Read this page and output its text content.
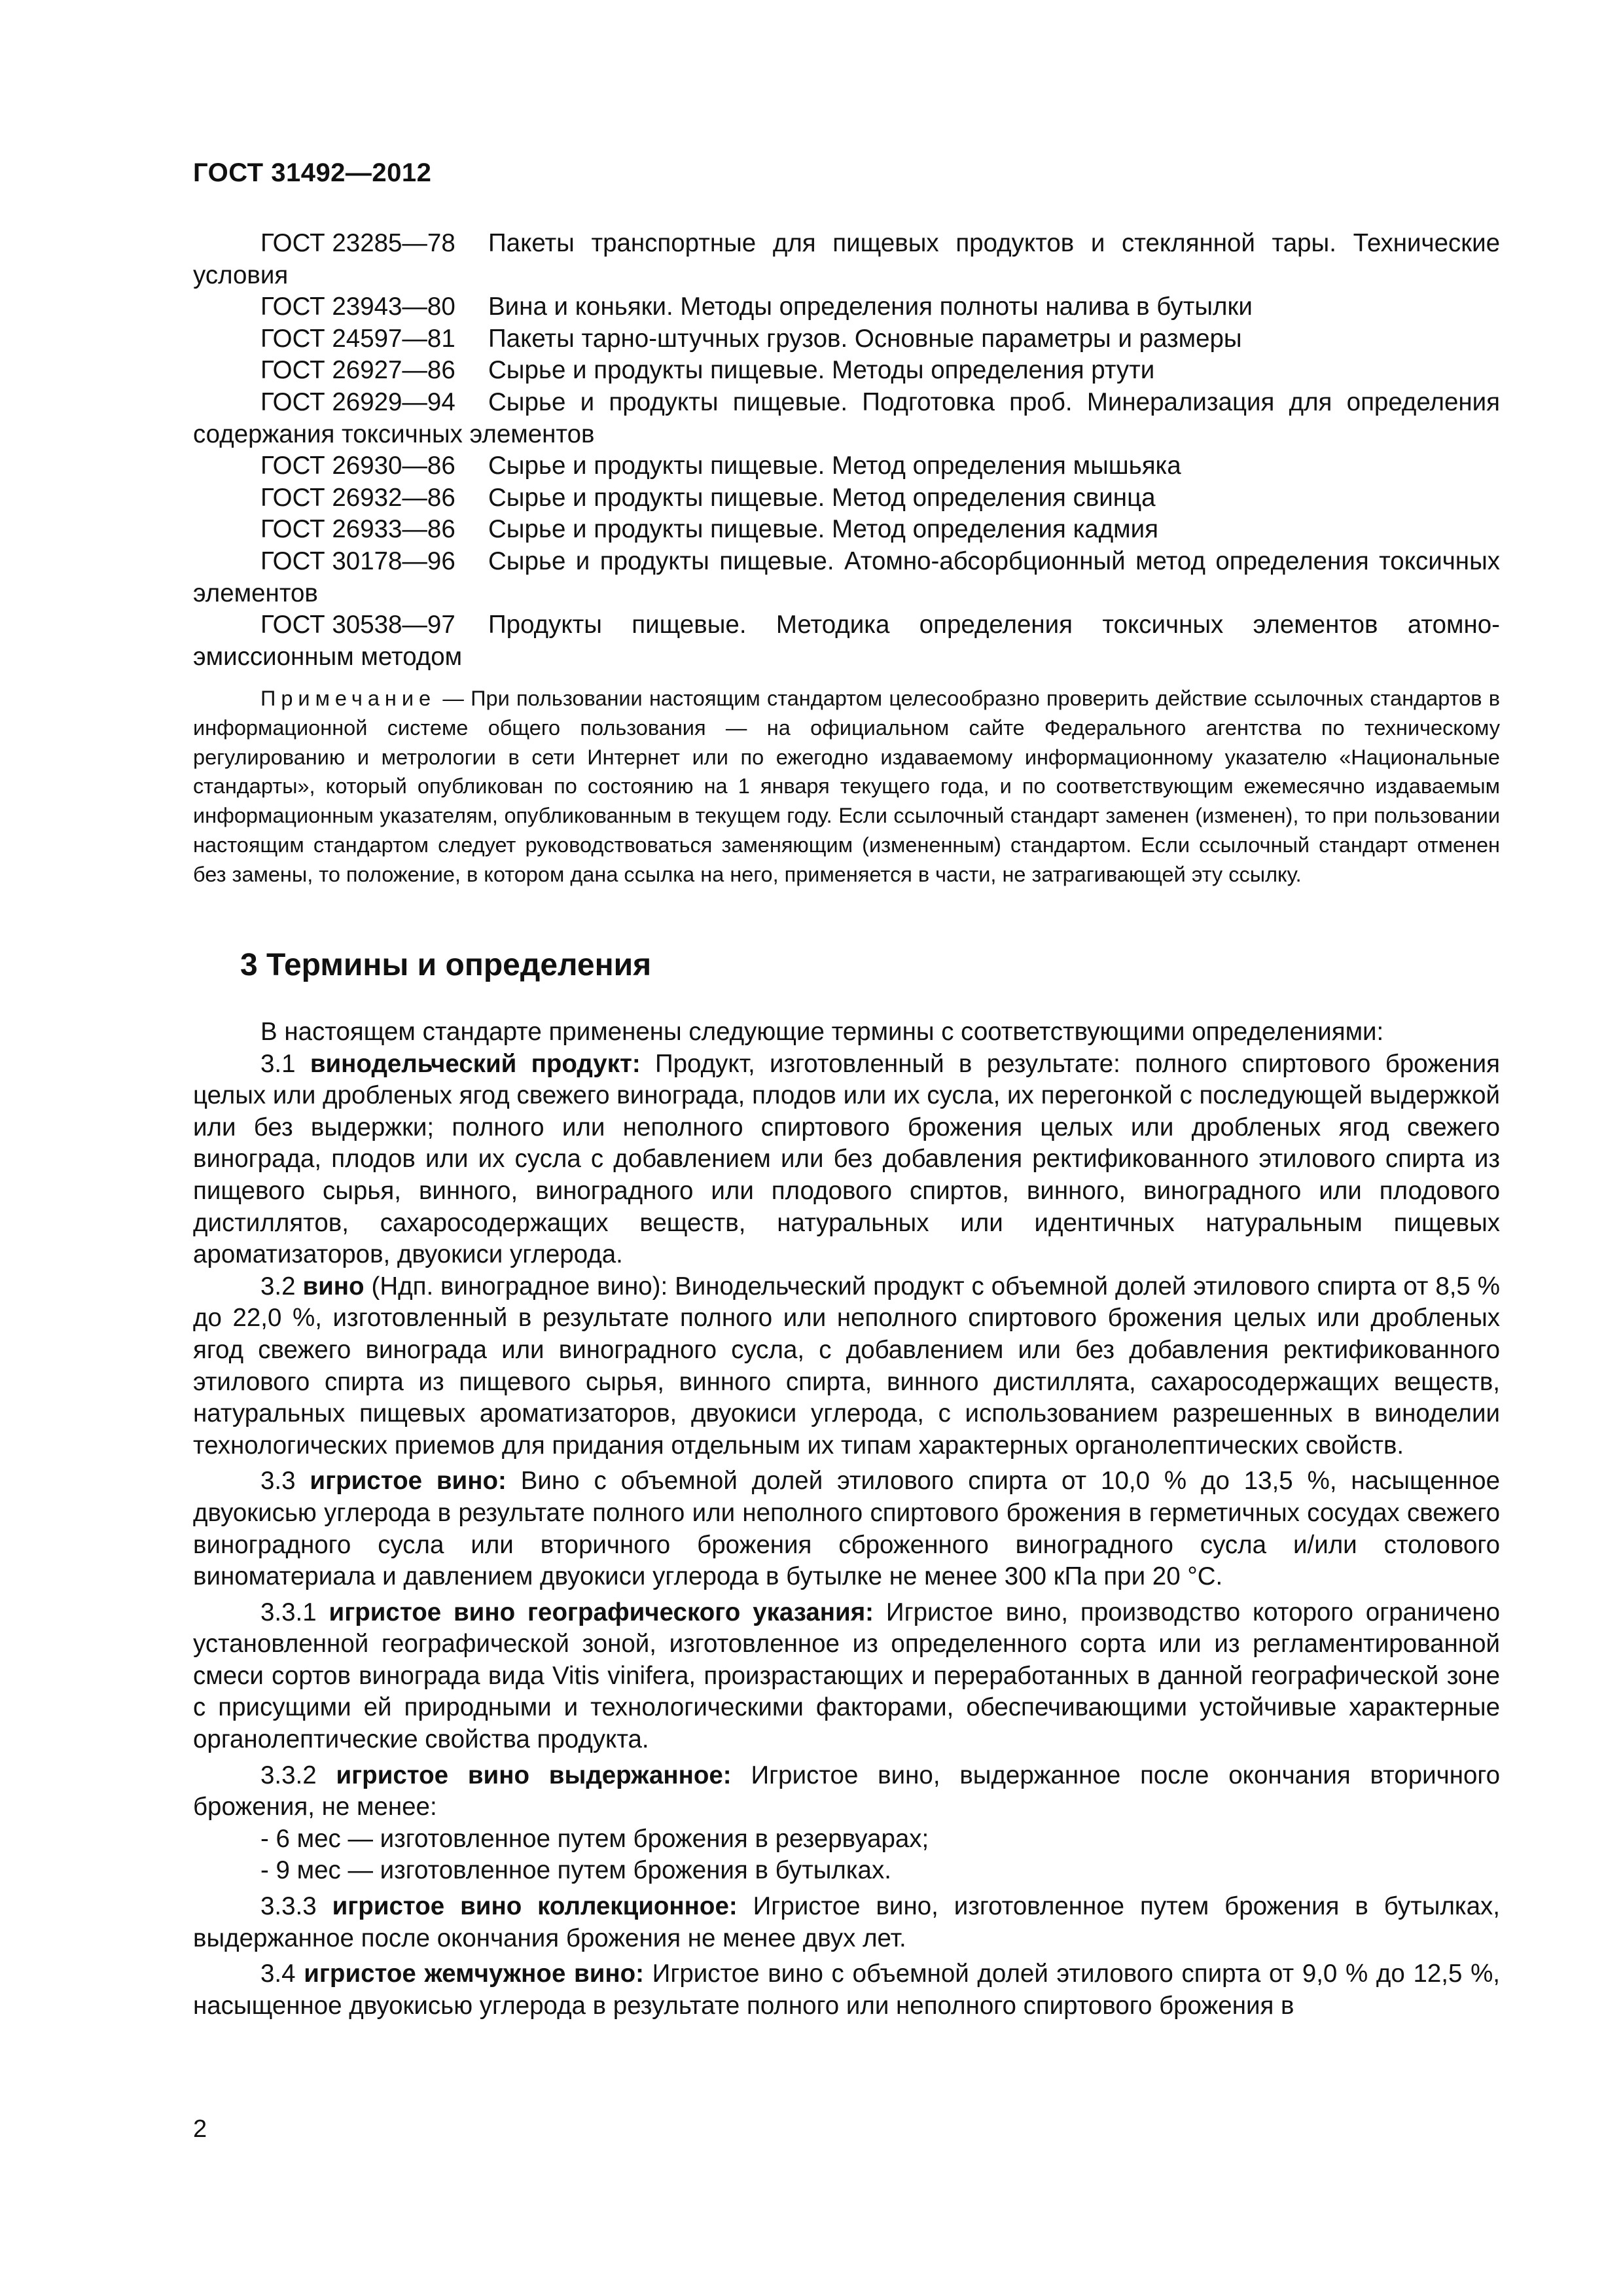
ГОСТ 31492—2012
ГОСТ 23285—78 Пакеты транспортные для пищевых продуктов и стеклянной тары. Технические условия
ГОСТ 23943—80 Вина и коньяки. Методы определения полноты налива в бутылки
ГОСТ 24597—81 Пакеты тарно-штучных грузов. Основные параметры и размеры
ГОСТ 26927—86 Сырье и продукты пищевые. Методы определения ртути
ГОСТ 26929—94 Сырье и продукты пищевые. Подготовка проб. Минерализация для определения содержания токсичных элементов
ГОСТ 26930—86 Сырье и продукты пищевые. Метод определения мышьяка
ГОСТ 26932—86 Сырье и продукты пищевые. Метод определения свинца
ГОСТ 26933—86 Сырье и продукты пищевые. Метод определения кадмия
ГОСТ 30178—96 Сырье и продукты пищевые. Атомно-абсорбционный метод определения токсичных элементов
ГОСТ 30538—97 Продукты пищевые. Методика определения токсичных элементов атомно-эмиссионным методом
Примечание — При пользовании настоящим стандартом целесообразно проверить действие ссылочных стандартов в информационной системе общего пользования — на официальном сайте Федерального агентства по техническому регулированию и метрологии в сети Интернет или по ежегодно издаваемому информационному указателю «Национальные стандарты», который опубликован по состоянию на 1 января текущего года, и по соответствующим ежемесячно издаваемым информационным указателям, опубликованным в текущем году. Если ссылочный стандарт заменен (изменен), то при пользовании настоящим стандартом следует руководствоваться заменяющим (измененным) стандартом. Если ссылочный стандарт отменен без замены, то положение, в котором дана ссылка на него, применяется в части, не затрагивающей эту ссылку.
3 Термины и определения

В настоящем стандарте применены следующие термины с соответствующими определениями:

3.1 винодельческий продукт: Продукт, изготовленный в результате: полного спиртового брожения целых или дробленых ягод свежего винограда, плодов или их сусла, их перегонкой с последующей выдержкой или без выдержки; полного или неполного спиртового брожения целых или дробленых ягод свежего винограда, плодов или их сусла с добавлением или без добавления ректификованного этилового спирта из пищевого сырья, винного, виноградного или плодового спиртов, винного, виноградного или плодового дистиллятов, сахаросодержащих веществ, натуральных или идентичных натуральным пищевых ароматизаторов, двуокиси углерода.

3.2 вино (Ндп. виноградное вино): Винодельческий продукт с объемной долей этилового спирта от 8,5 % до 22,0 %, изготовленный в результате полного или неполного спиртового брожения целых или дробленых ягод свежего винограда или виноградного сусла, с добавлением или без добавления ректификованного этилового спирта из пищевого сырья, винного спирта, винного дистиллята, сахаросодержащих веществ, натуральных пищевых ароматизаторов, двуокиси углерода, с использованием разрешенных в виноделии технологических приемов для придания отдельным их типам характерных органолептических свойств.

3.3 игристое вино: Вино с объемной долей этилового спирта от 10,0 % до 13,5 %, насыщенное двуокисью углерода в результате полного или неполного спиртового брожения в герметичных сосудах свежего виноградного сусла или вторичного брожения сброженного виноградного сусла и/или столового виноматериала и давлением двуокиси углерода в бутылке не менее 300 кПа при 20 °С.

3.3.1 игристое вино географического указания: Игристое вино, производство которого ограничено установленной географической зоной, изготовленное из определенного сорта или из регламентированной смеси сортов винограда вида Vitis vinifera, произрастающих и переработанных в данной географической зоне с присущими ей природными и технологическими факторами, обеспечивающими устойчивые характерные органолептические свойства продукта.

3.3.2 игристое вино выдержанное: Игристое вино, выдержанное после окончания вторичного брожения, не менее:

- 6 мес — изготовленное путем брожения в резервуарах;

- 9 мес — изготовленное путем брожения в бутылках.

3.3.3 игристое вино коллекционное: Игристое вино, изготовленное путем брожения в бутылках, выдержанное после окончания брожения не менее двух лет.

3.4 игристое жемчужное вино: Игристое вино с объемной долей этилового спирта от 9,0 % до 12,5 %, насыщенное двуокисью углерода в результате полного или неполного спиртового брожения в

2
